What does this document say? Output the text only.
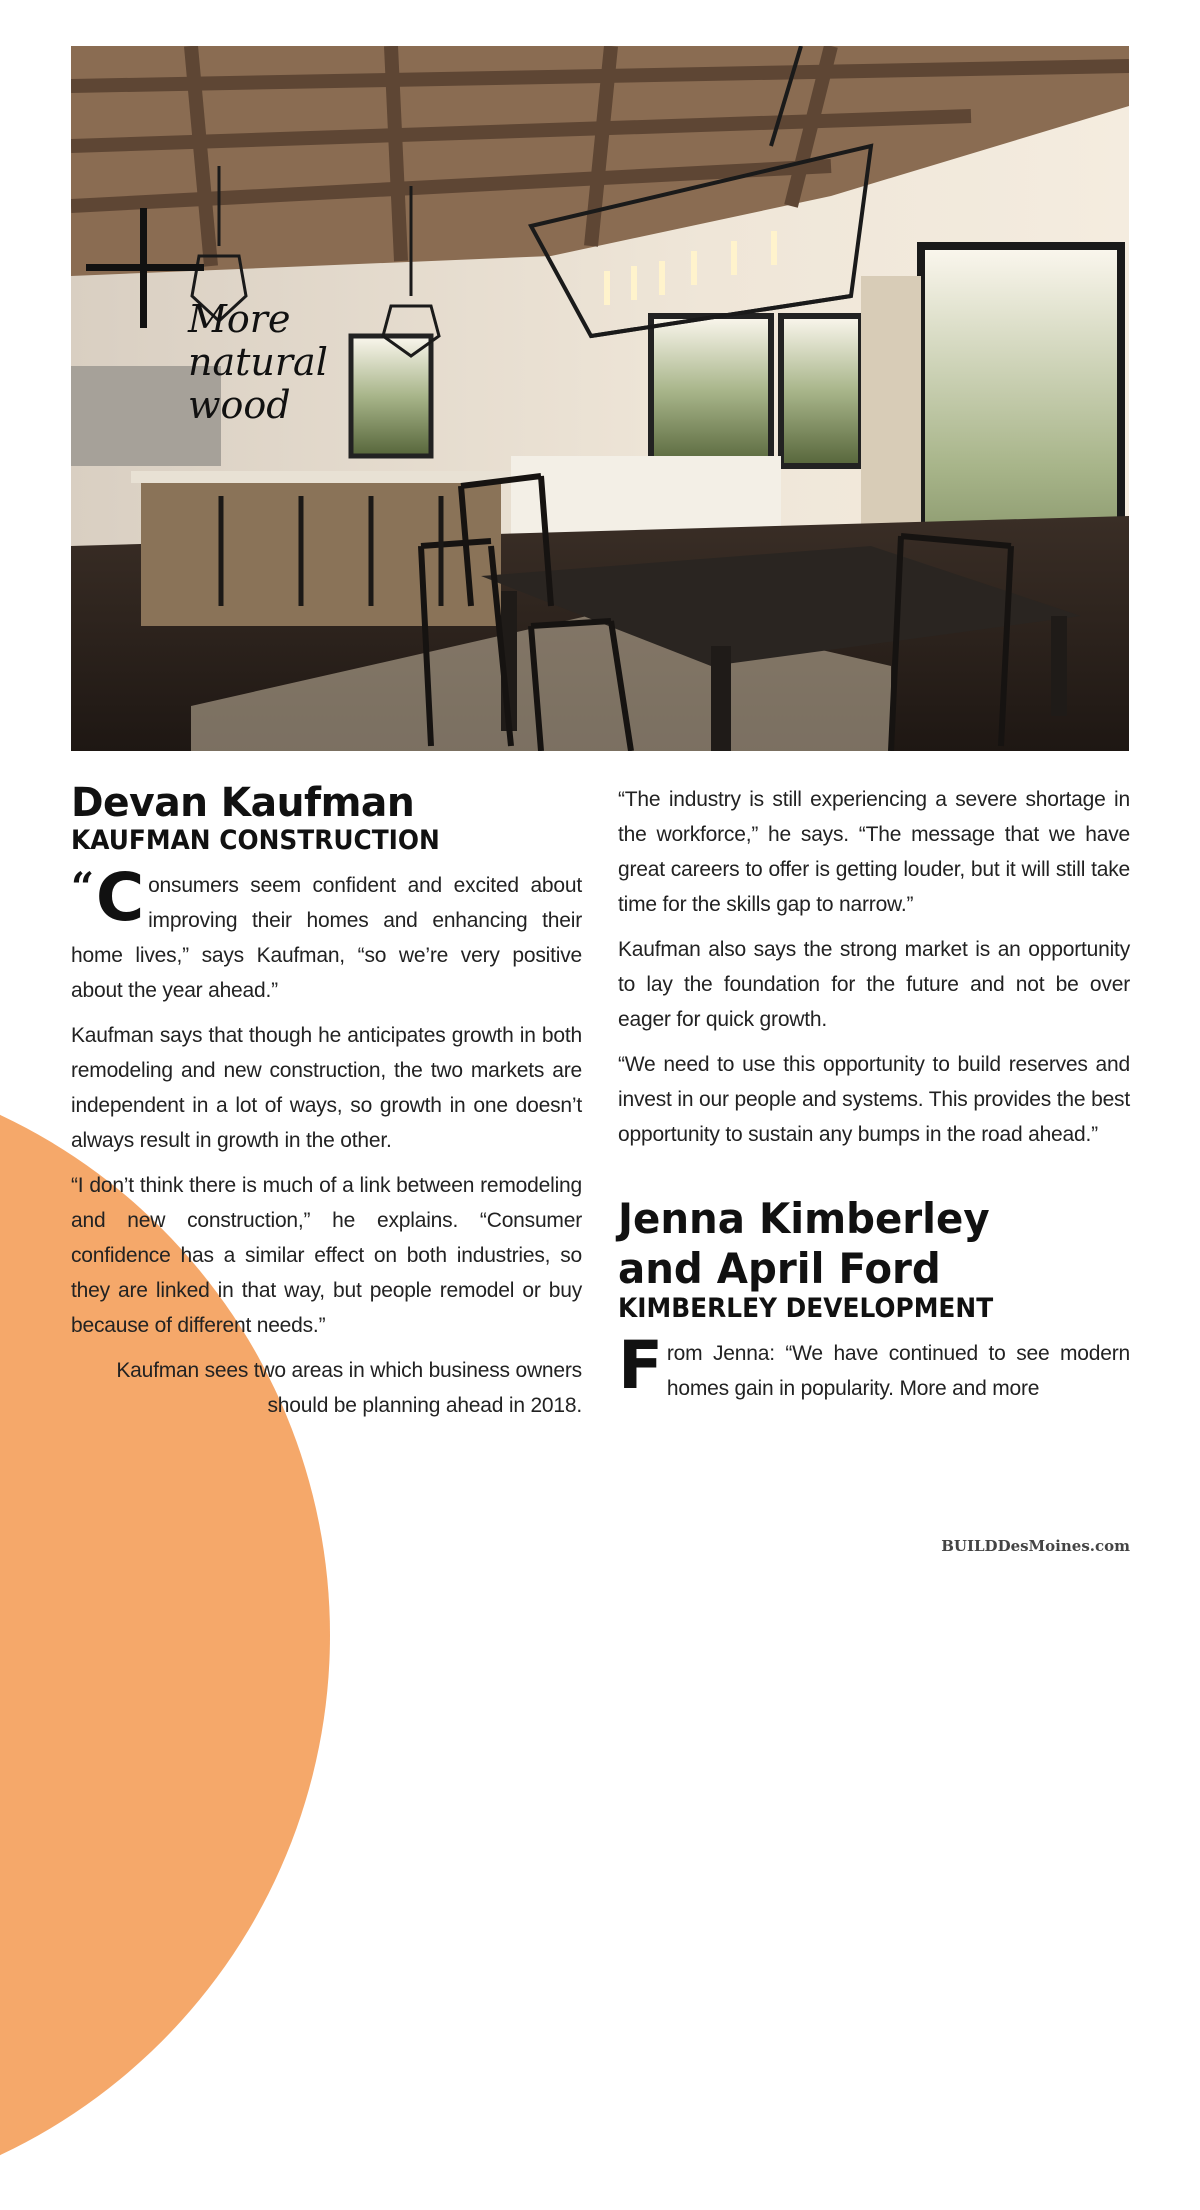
More
natural
wood
Devan Kaufman
KAUFMAN CONSTRUCTION

“ C onsumers seem confident and excited about improving their homes and enhancing their home lives,” says Kaufman, “so we’re very positive about the year ahead.”

Kaufman says that though he anticipates growth in both remodeling and new construction, the two markets are independent in a lot of ways, so growth in one doesn’t always result in growth in the other.

“I don’t think there is much of a link between remodeling and new construction,” he explains. “Consumer confidence has a similar effect on both industries, so they are linked in that way, but people remodel or buy because of different needs.”

Kaufman sees two areas in which business owners should be planning ahead in 2018.

“The industry is still experiencing a severe shortage in the workforce,” he says. “The message that we have great careers to offer is getting louder, but it will still take time for the skills gap to narrow.”

Kaufman also says the strong market is an opportunity to lay the foundation for the future and not be over eager for quick growth.

“We need to use this opportunity to build reserves and invest in our people and systems. This provides the best opportunity to sustain any bumps in the road ahead.”

Jenna Kimberley
and April Ford
KIMBERLEY DEVELOPMENT

From Jenna: “We have continued to see modern homes gain in popularity. More and more

BUILDDesMoines.com
